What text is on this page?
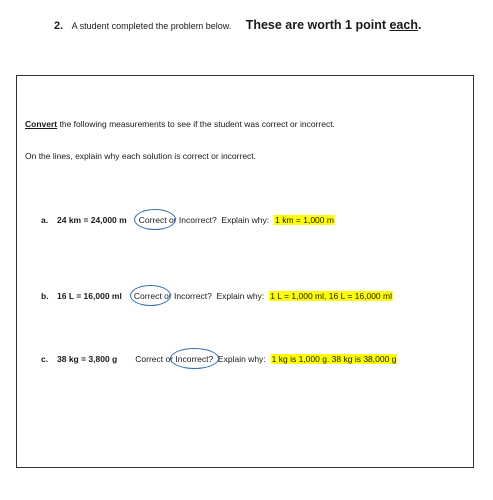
2. A student completed the problem below. These are worth 1 point each.
Convert the following measurements to see if the student was correct or incorrect.
On the lines, explain why each solution is correct or incorrect.
a.	24 km = 24,000 m Correct or Incorrect ?  Explain why: 1 km = 1,000 m
b. 16 L = 16,000 ml Correct or Incorrect ?  Explain why: 1 L = 1,000 ml, 16 L = 16,000 ml
c.	38 kg = 3,800 g Correct or Incorrect ?  Explain why: 1 kg is 1,000 g. 38 kg is 38,000 g
